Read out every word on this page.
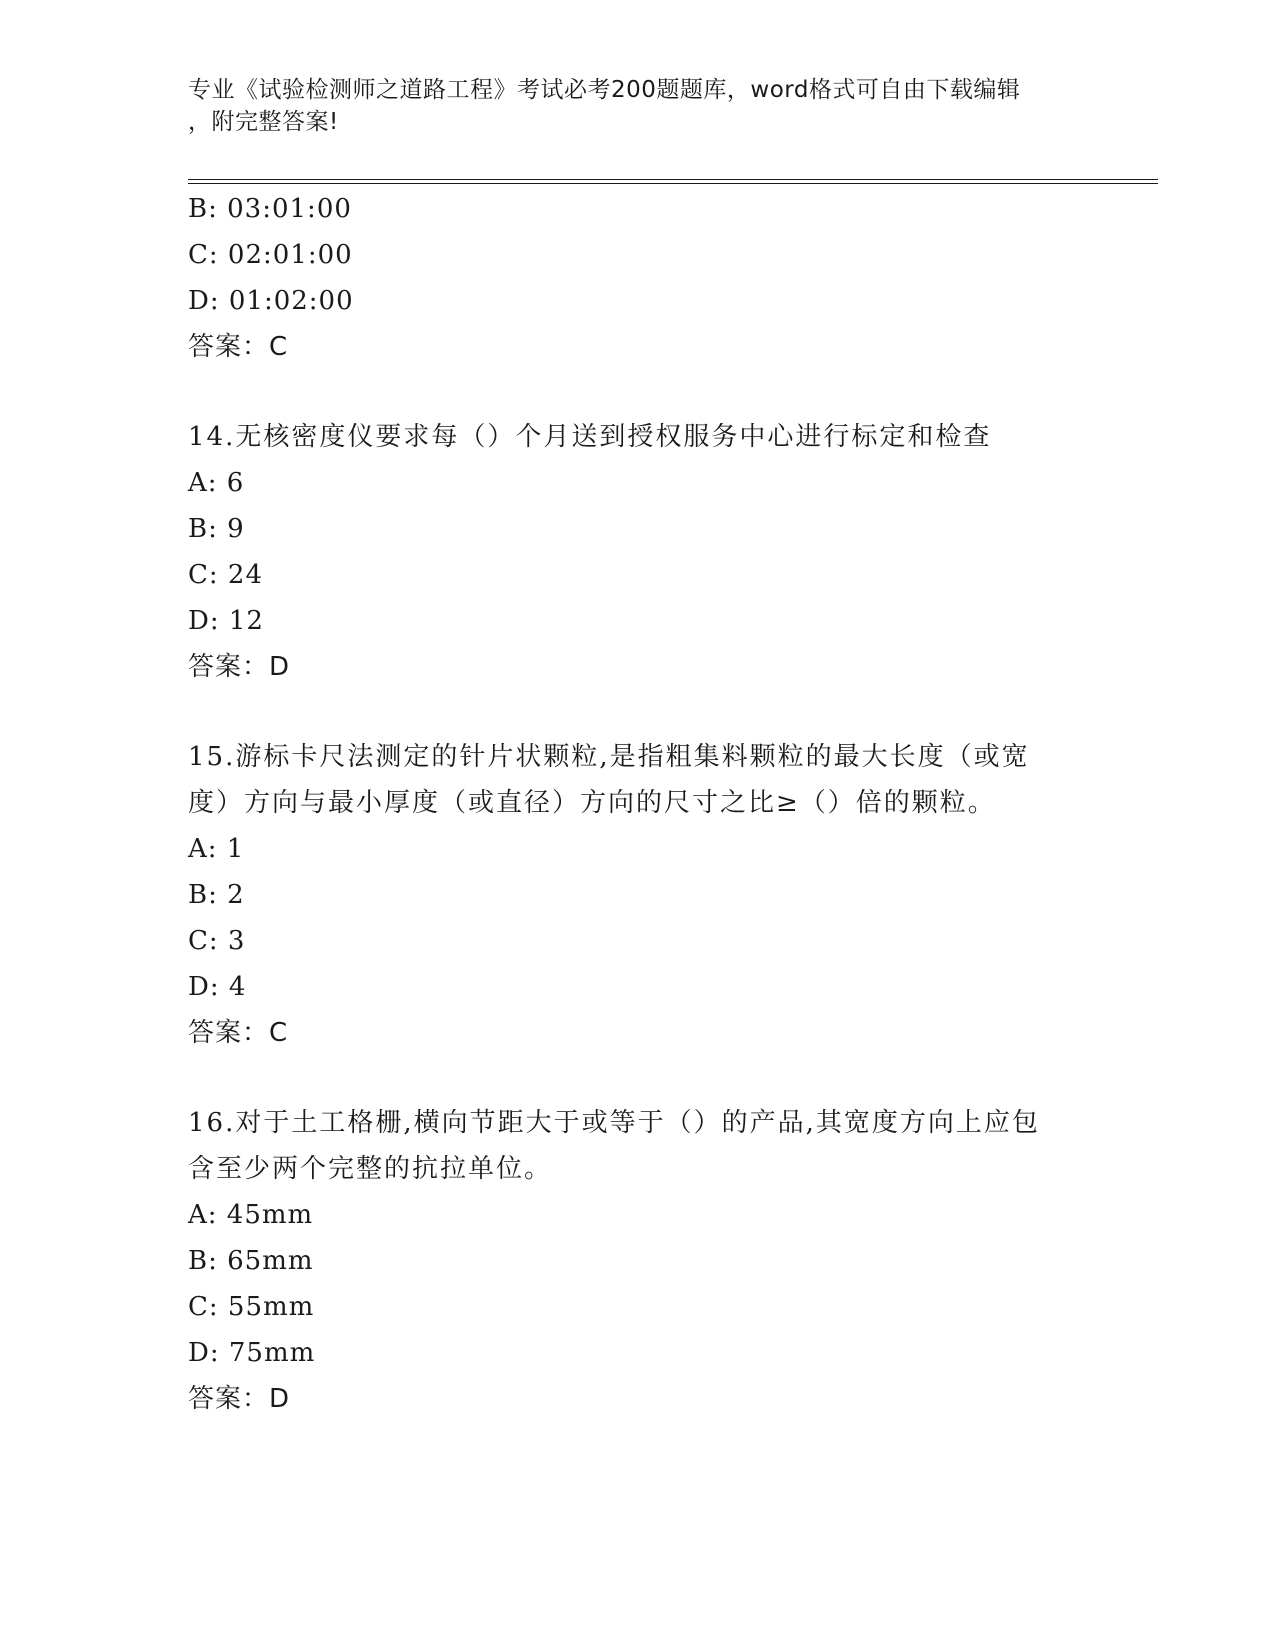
专业《试验检测师之道路工程》考试必考200题题库，word格式可自由下载编辑
，附完整答案!
B: 03:01:00
C: 02:01:00
D: 01:02:00
答案：C
14.无核密度仪要求每（）个月送到授权服务中心进行标定和检查
A: 6
B: 9
C: 24
D: 12
答案：D
15.游标卡尺法测定的针片状颗粒,是指粗集料颗粒的最大长度（或宽
度）方向与最小厚度（或直径）方向的尺寸之比≥（）倍的颗粒。
A: 1
B: 2
C: 3
D: 4
答案：C
16.对于土工格栅,横向节距大于或等于（）的产品,其宽度方向上应包
含至少两个完整的抗拉单位。
A: 45mm
B: 65mm
C: 55mm
D: 75mm
答案：D
